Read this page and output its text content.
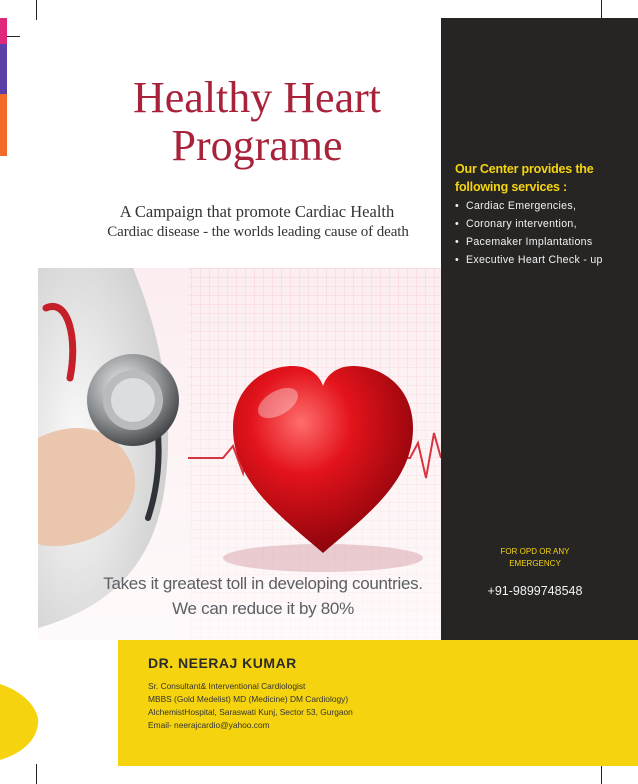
Healthy Heart
Programe
A Campaign that promote Cardiac Health
Cardiac disease - the worlds leading cause of death
Our Center provides the
following services :
• Cardiac Emergencies,
• Coronary intervention,
• Pacemaker Implantations
• Executive Heart Check - up
FOR OPD OR ANY
EMERGENCY
+91-9899748548
Takes it greatest toll in developing countries.
We can reduce it by 80%
DR. NEERAJ KUMAR
Sr. Consultant& Interventional Cardiologist
MBBS (Gold Medelist) MD (Medicine) DM Cardiology)
AlchemistHospital, Saraswati Kunj, Sector 53, Gurgaon
Email- neerajcardio@yahoo.com
